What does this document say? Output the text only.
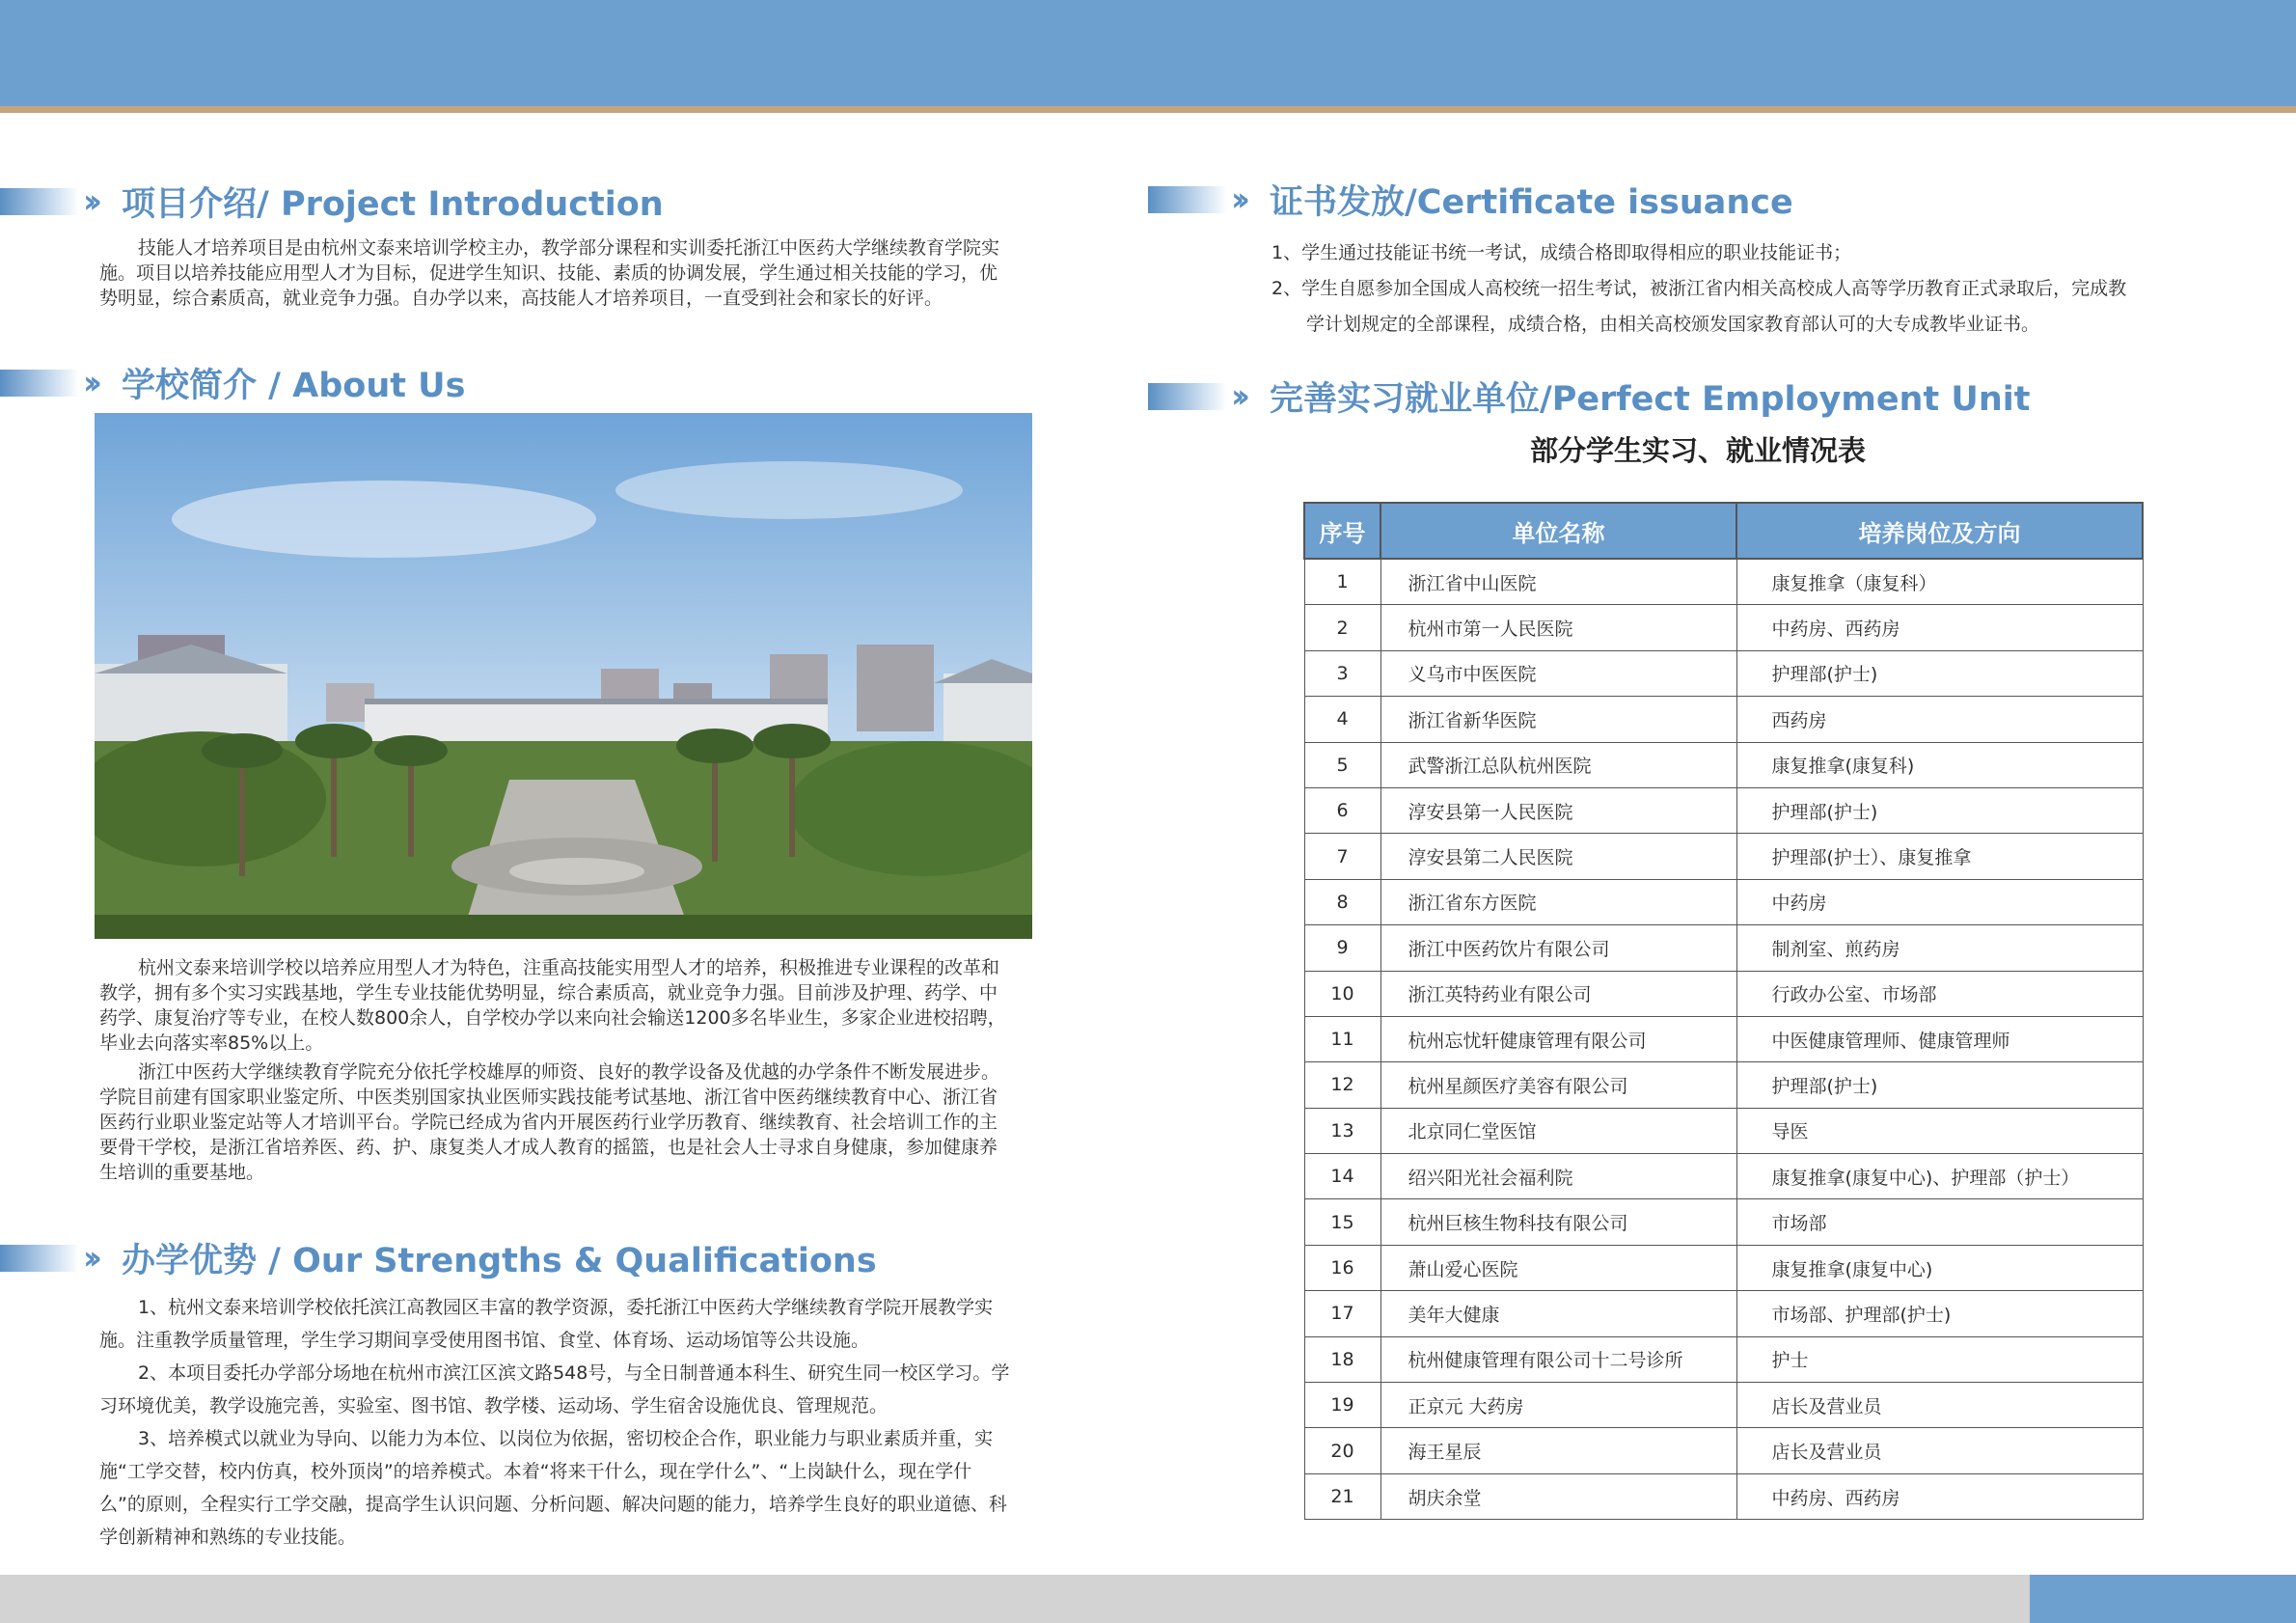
›› 项目介绍/ Project Introduction

技能人才培养项目是由杭州文泰来培训学校主办，教学部分课程和实训委托浙江中医药大学继续教育学院实施。项目以培养技能应用型人才为目标，促进学生知识、技能、素质的协调发展，学生通过相关技能的学习，优势明显，综合素质高，就业竞争力强。自办学以来，高技能人才培养项目，一直受到社会和家长的好评。

›› 学校简介 / About Us

杭州文泰来培训学校以培养应用型人才为特色，注重高技能实用型人才的培养，积极推进专业课程的改革和教学，拥有多个实习实践基地，学生专业技能优势明显，综合素质高，就业竞争力强。目前涉及护理、药学、中药学、康复治疗等专业，在校人数800余人，自学校办学以来向社会输送1200多名毕业生，多家企业进校招聘，毕业去向落实率85%以上。

浙江中医药大学继续教育学院充分依托学校雄厚的师资、良好的教学设备及优越的办学条件不断发展进步。学院目前建有国家职业鉴定所、中医类别国家执业医师实践技能考试基地、浙江省中医药继续教育中心、浙江省医药行业职业鉴定站等人才培训平台。学院已经成为省内开展医药行业学历教育、继续教育、社会培训工作的主要骨干学校，是浙江省培养医、药、护、康复类人才成人教育的摇篮，也是社会人士寻求自身健康，参加健康养生培训的重要基地。

›› 办学优势 / Our Strengths & Qualifications

1、杭州文泰来培训学校依托滨江高教园区丰富的教学资源，委托浙江中医药大学继续教育学院开展教学实施。注重教学质量管理，学生学习期间享受使用图书馆、食堂、体育场、运动场馆等公共设施。

2、本项目委托办学部分场地在杭州市滨江区滨文路548号，与全日制普通本科生、研究生同一校区学习。学习环境优美，教学设施完善，实验室、图书馆、教学楼、运动场、学生宿舍设施优良、管理规范。

3、培养模式以就业为导向、以能力为本位、以岗位为依据，密切校企合作，职业能力与职业素质并重，实施“工学交替，校内仿真，校外顶岗”的培养模式。本着“将来干什么，现在学什么”、“上岗缺什么，现在学什么”的原则，全程实行工学交融，提高学生认识问题、分析问题、解决问题的能力，培养学生良好的职业道德、科学创新精神和熟练的专业技能。

›› 证书发放/Certificate issuance

1、学生通过技能证书统一考试，成绩合格即取得相应的职业技能证书；

2、学生自愿参加全国成人高校统一招生考试，被浙江省内相关高校成人高等学历教育正式录取后，完成教学计划规定的全部课程，成绩合格，由相关高校颁发国家教育部认可的大专成教毕业证书。

›› 完善实习就业单位/Perfect Employment Unit
部分学生实习、就业情况表
序号	单位名称	培养岗位及方向
1	浙江省中山医院	康复推拿（康复科）
2	杭州市第一人民医院	中药房、西药房
3	义乌市中医医院	护理部(护士)
4	浙江省新华医院	西药房
5	武警浙江总队杭州医院	康复推拿(康复科)
6	淳安县第一人民医院	护理部(护士)
7	淳安县第二人民医院	护理部(护士）、康复推拿
8	浙江省东方医院	中药房
9	浙江中医药饮片有限公司	制剂室、煎药房
10	浙江英特药业有限公司	行政办公室、市场部
11	杭州忘忧轩健康管理有限公司	中医健康管理师、健康管理师
12	杭州星颜医疗美容有限公司	护理部(护士)
13	北京同仁堂医馆	导医
14	绍兴阳光社会福利院	康复推拿(康复中心)、护理部（护士）
15	杭州巨核生物科技有限公司	市场部
16	萧山爱心医院	康复推拿(康复中心)
17	美年大健康	市场部、护理部(护士)
18	杭州健康管理有限公司十二号诊所	护士
19	正京元 大药房	店长及营业员
20	海王星辰	店长及营业员
21	胡庆余堂	中药房、西药房
